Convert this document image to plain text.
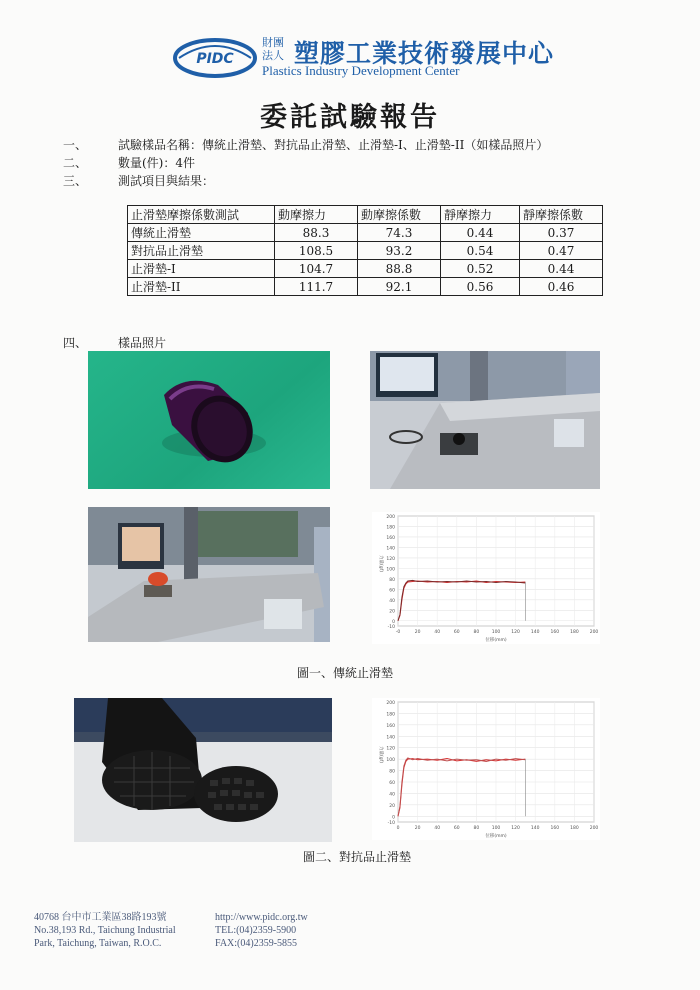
PIDC
財團
法人 塑膠工業技術發展中心
Plastics Industry Development Center
委託試驗報告
一、	試驗樣品名稱：傳統止滑墊、對抗品止滑墊、止滑墊-I、止滑墊-II（如樣品照片）
二、	數量(件)：4件
三、	測試項目與結果：
止滑墊摩擦係數測試	動摩擦力	動摩擦係數	靜摩擦力	靜摩擦係數
傳統止滑墊	88.3	74.3	0.44	0.37
對抗品止滑墊	108.5	93.2	0.54	0.47
止滑墊-I	104.7	88.8	0.52	0.44
止滑墊-II	111.7	92.1	0.56	0.46
四、	樣品照片
200
180
160
140
120
100
80
60
40
20
0
-10
-0	20	40	60	80	100 120 140 160 180 200
位移(mm)
力量(gf)
圖一、傳統止滑墊
200
180
160
140
120
100
80
60
40
20
0
-10
0	20	40	60	80	100 120 140 160 180 200
位移(mm)
力量(gf)
圖二、對抗品止滑墊
40768 台中市工業區38路193號
No.38,193 Rd., Taichung Industrial
Park, Taichung, Taiwan, R.O.C.
http://www.pidc.org.tw
TEL:(04)2359-5900
FAX:(04)2359-5855
